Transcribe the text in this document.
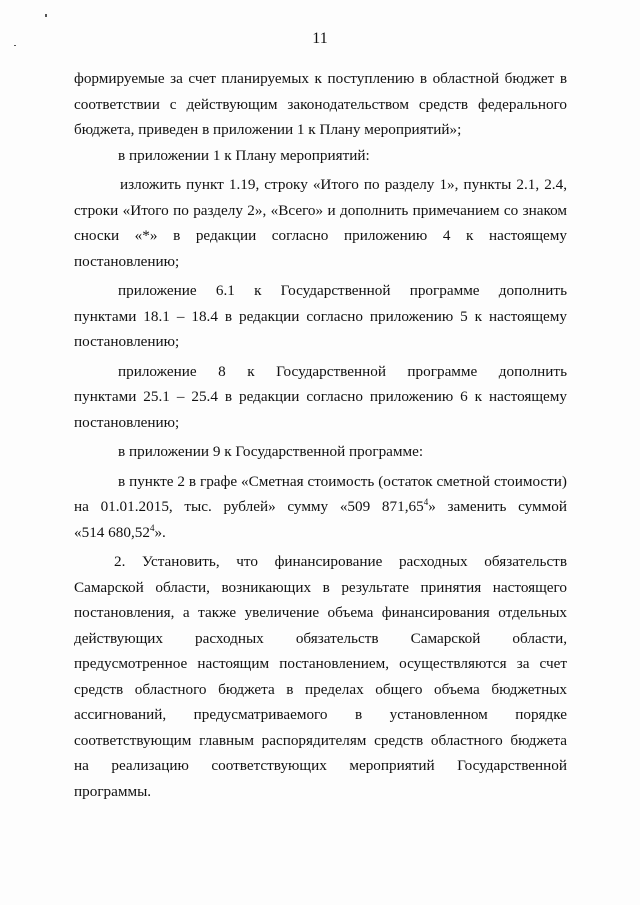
11
формируемые за счет планируемых к поступлению в областной бюджет в
соответствии с действующим законодательством средств федерального
бюджета, приведен в приложении 1 к Плану мероприятий»;
в приложении 1 к Плану мероприятий:
изложить пункт 1.19, строку «Итого по разделу 1», пункты 2.1, 2.4,
строки «Итого по разделу 2», «Всего» и дополнить примечанием со знаком
сноски «*» в редакции согласно приложению 4 к настоящему
постановлению;
приложение 6.1 к Государственной программе дополнить
пунктами 18.1 – 18.4 в редакции согласно приложению 5 к настоящему
постановлению;
приложение 8 к Государственной программе дополнить
пунктами 25.1 – 25.4 в редакции согласно приложению 6 к настоящему
постановлению;
в приложении 9 к Государственной программе:
в пункте 2 в графе «Сметная стоимость (остаток сметной стоимости)
на 01.01.2015, тыс. рублей» сумму «509 871,65$^4$» заменить суммой
«514 680,52$^4$».
2. Установить, что финансирование расходных обязательств
Самарской области, возникающих в результате принятия настоящего
постановления, а также увеличение объема финансирования отдельных
действующих расходных обязательств Самарской области,
предусмотренное настоящим постановлением, осуществляются за счет
средств областного бюджета в пределах общего объема бюджетных
ассигнований, предусматриваемого в установленном порядке
соответствующим главным распорядителям средств областного бюджета
на реализацию соответствующих мероприятий Государственной
программы.
